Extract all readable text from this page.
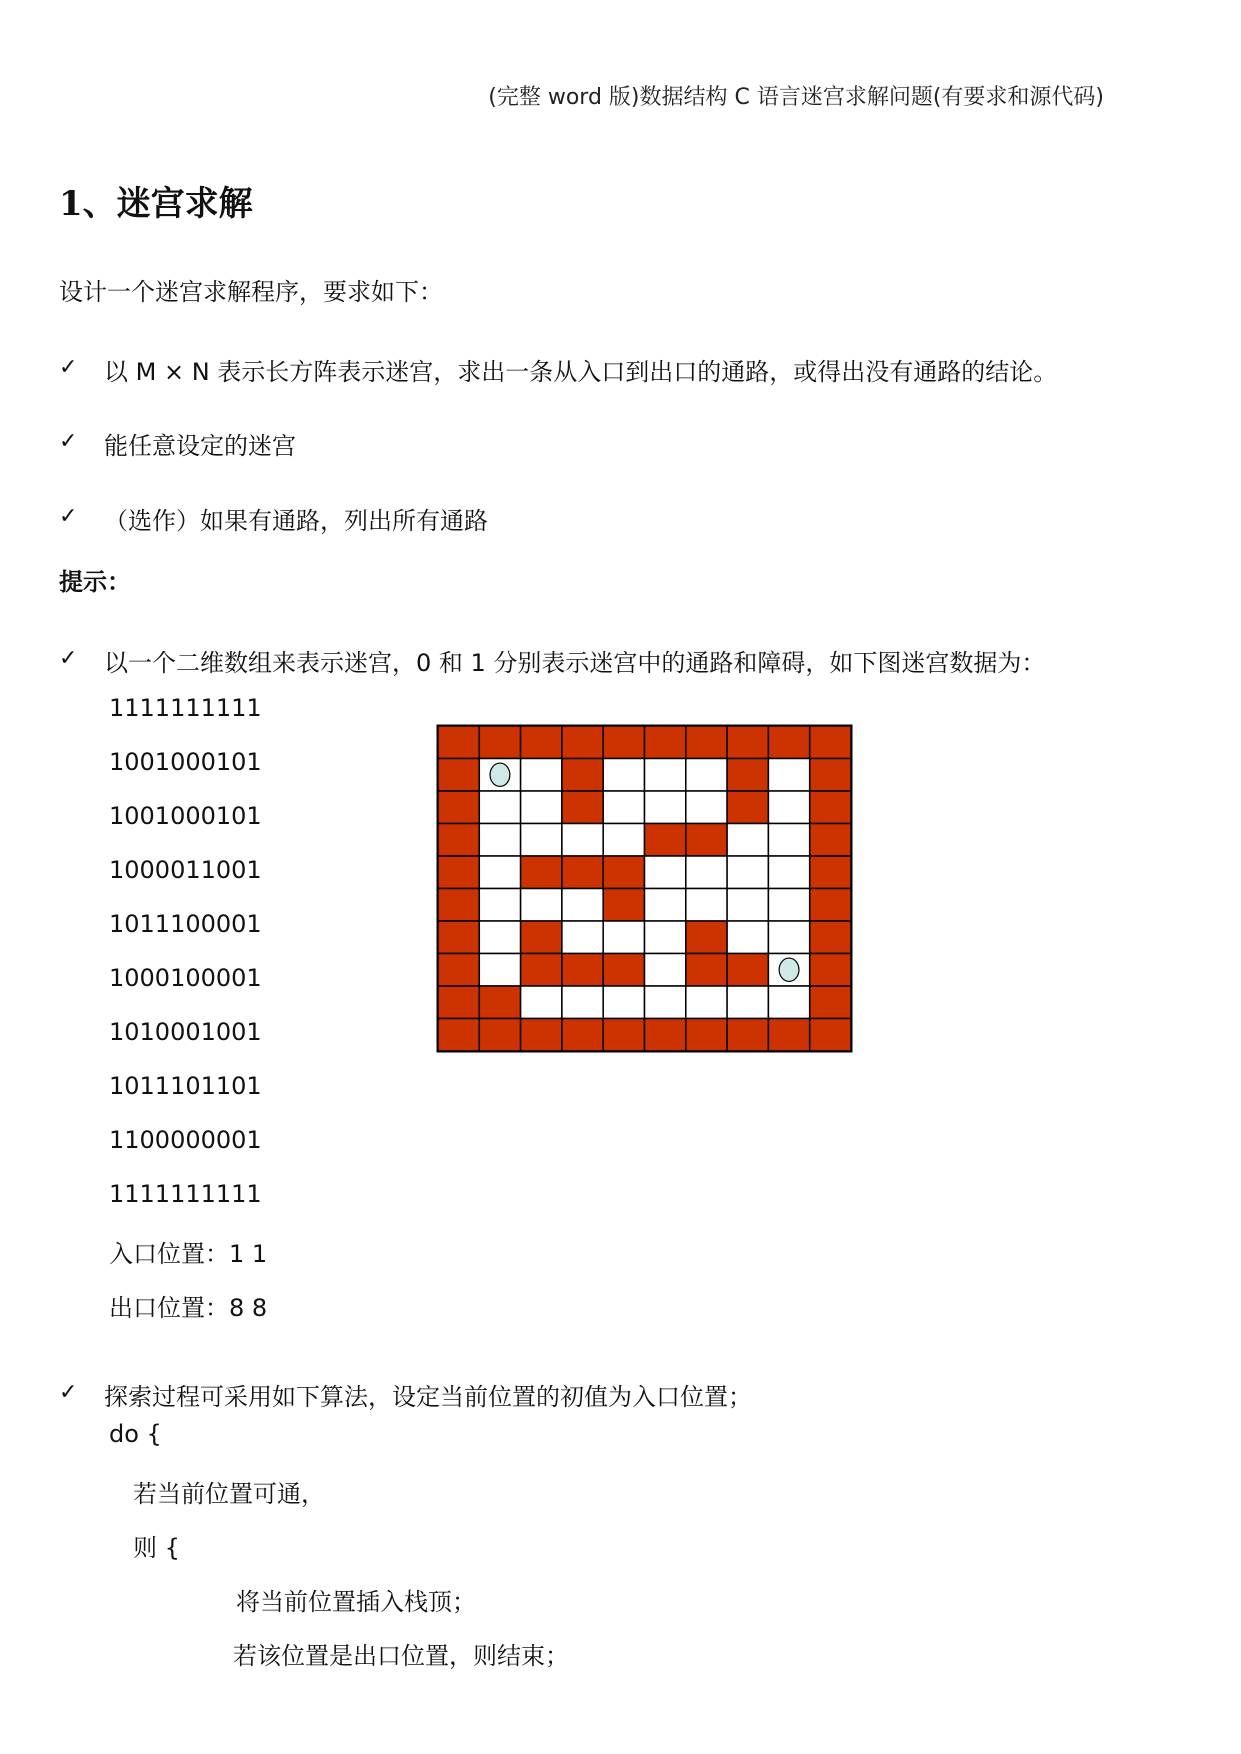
(完整 word 版)数据结构 C 语言迷宫求解问题(有要求和源代码)
1、迷宫求解
设计一个迷宫求解程序，要求如下：
✓ 以 M × N 表示长方阵表示迷宫，求出一条从入口到出口的通路，或得出没有通路的结论。
✓ 能任意设定的迷宫
✓ （选作）如果有通路，列出所有通路
提示：
✓ 以一个二维数组来表示迷宫，0 和 1 分别表示迷宫中的通路和障碍，如下图迷宫数据为：
1111111111
1001000101
1001000101
1000011001
1011100001
1000100001
1010001001
1011101101
1100000001
1111111111
入口位置：1 1
出口位置：8 8
✓ 探索过程可采用如下算法，设定当前位置的初值为入口位置；
do {
若当前位置可通，
则 {
将当前位置插入栈顶；
若该位置是出口位置，则结束；
